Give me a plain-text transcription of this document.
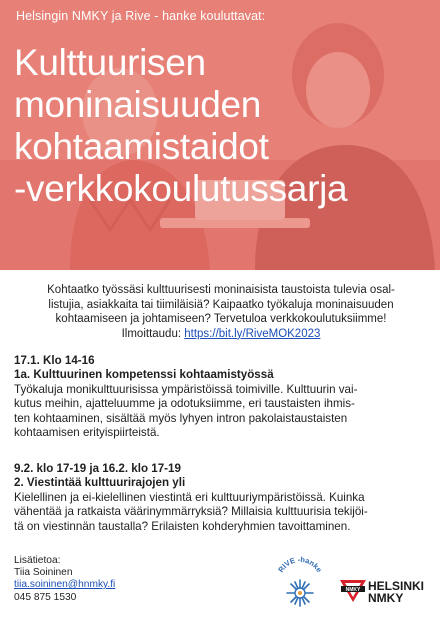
Helsingin NMKY ja Rive - hanke kouluttavat:
Kulttuurisen
moninaisuuden
kohtaamistaidot
-verkkokoulutussarja
Kohtaatko työssäsi kulttuurisesti moninaisista taustoista tulevia osal-
listujia, asiakkaita tai tiimiläisiä? Kaipaatko työkaluja moninaisuuden
kohtaamiseen ja johtamiseen? Tervetuloa verkkokoulutuksiimme!
Ilmoittaudu: https://bit.ly/RiveMOK2023
17.1. Klo 14-16
1a. Kulttuurinen kompetenssi kohtaamistyössä
Työkaluja monikulttuurisissa ympäristöissä toimiville. Kulttuurin vai-
kutus meihin, ajatteluumme ja odotuksiimme, eri taustaisten ihmis-
ten kohtaaminen, sisältää myös lyhyen intron pakolaistaustaisten
kohtaamisen erityispiirteistä.
9.2. klo 17-19 ja 16.2. klo 17-19
2. Viestintää kulttuurirajojen yli
Kielellinen ja ei-kielellinen viestintä eri kulttuuriympäristöissä. Kuinka
vähentää ja ratkaista väärinymmärryksiä? Millaisia kulttuurisia tekijöi-
tä on viestinnän taustalla? Erilaisten kohderyhmien tavoittaminen.
Lisätietoa:
Tiia Soininen
tiia.soininen@hnmky.fi
045 875 1530
RIVE -hanke
NMKY HELSINKI
NMKY
